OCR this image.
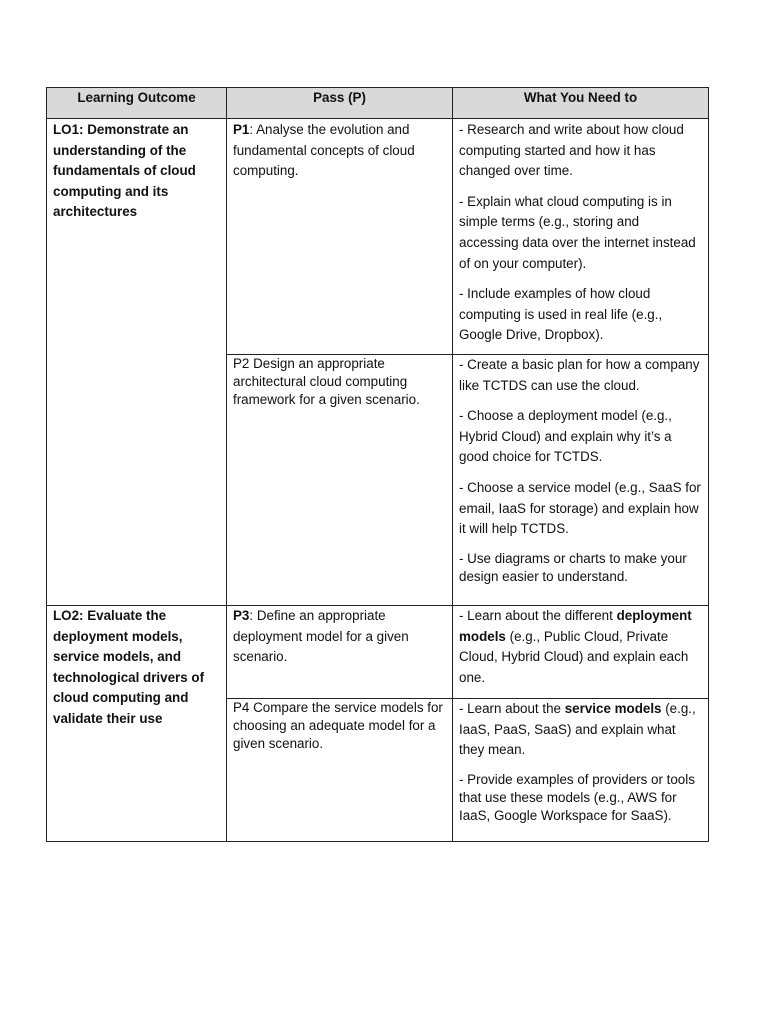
Learning Outcome	Pass (P)	What You Need to

LO1: Demonstrate an understanding of the fundamentals of cloud computing and its architectures	P1: Analyse the evolution and fundamental concepts of cloud computing.	- Research and write about how cloud computing started and how it has changed over time.
- Explain what cloud computing is in simple terms (e.g., storing and accessing data over the internet instead of on your computer).
- Include examples of how cloud computing is used in real life (e.g., Google Drive, Dropbox).

	P2 Design an appropriate architectural cloud computing framework for a given scenario.	- Create a basic plan for how a company like TCTDS can use the cloud.
- Choose a deployment model (e.g., Hybrid Cloud) and explain why it’s a good choice for TCTDS.
- Choose a service model (e.g., SaaS for email, IaaS for storage) and explain how it will help TCTDS.
- Use diagrams or charts to make your design easier to understand.

LO2: Evaluate the deployment models, service models, and technological drivers of cloud computing and validate their use	P3: Define an appropriate deployment model for a given scenario.	- Learn about the different deployment models (e.g., Public Cloud, Private Cloud, Hybrid Cloud) and explain each one.

	P4 Compare the service models for choosing an adequate model for a given scenario.	- Learn about the service models (e.g., IaaS, PaaS, SaaS) and explain what they mean.
- Provide examples of providers or tools that use these models (e.g., AWS for IaaS, Google Workspace for SaaS).
